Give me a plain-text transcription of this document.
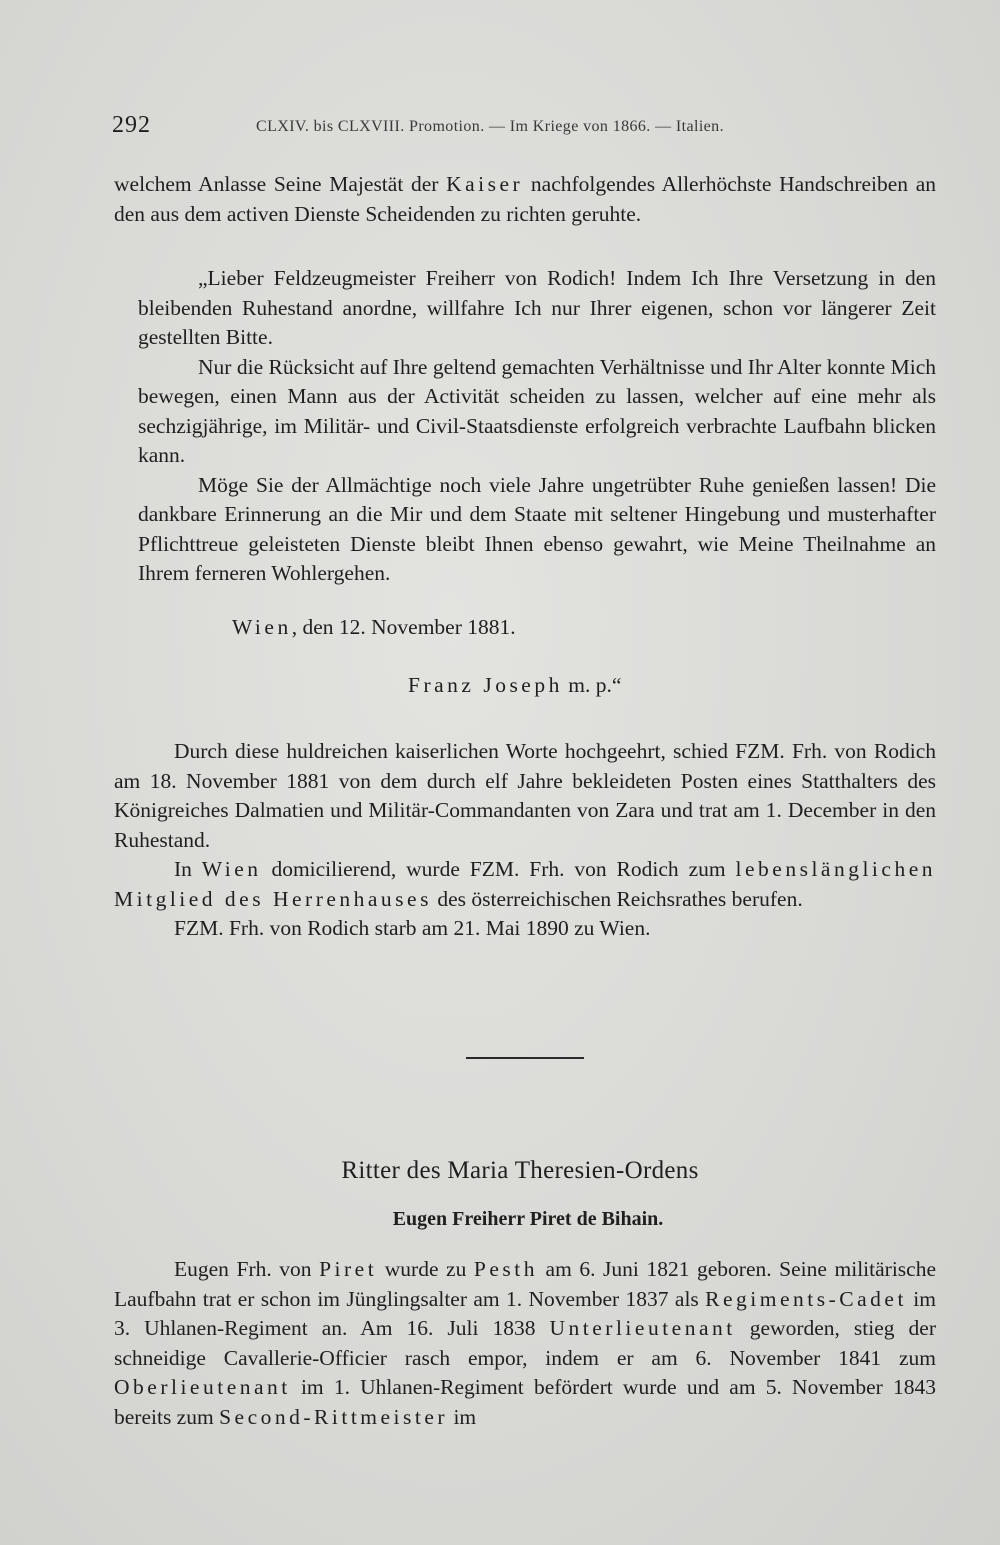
292	CLXIV. bis CLXVIII. Promotion. — Im Kriege von 1866. — Italien.

welchem Anlasse Seine Majestät der Kaiser nachfolgendes Allerhöchste Handschreiben an den aus dem activen Dienste Scheidenden zu richten geruhte.

„Lieber Feldzeugmeister Freiherr von Rodich! Indem Ich Ihre Versetzung in den bleibenden Ruhestand anordne, willfahre Ich nur Ihrer eigenen, schon vor längerer Zeit gestellten Bitte.

Nur die Rücksicht auf Ihre geltend gemachten Verhältnisse und Ihr Alter konnte Mich bewegen, einen Mann aus der Activität scheiden zu lassen, welcher auf eine mehr als sechzigjährige, im Militär- und Civil-Staatsdienste erfolgreich verbrachte Laufbahn blicken kann.

Möge Sie der Allmächtige noch viele Jahre ungetrübter Ruhe genießen lassen! Die dankbare Erinnerung an die Mir und dem Staate mit seltener Hingebung und musterhafter Pflichttreue geleisteten Dienste bleibt Ihnen ebenso gewahrt, wie Meine Theilnahme an Ihrem ferneren Wohlergehen.

Wien, den 12. November 1881.
Franz Joseph m. p.“

Durch diese huldreichen kaiserlichen Worte hochgeehrt, schied FZM. Frh. von Rodich am 18. November 1881 von dem durch elf Jahre bekleideten Posten eines Statthalters des Königreiches Dalmatien und Militär-Commandanten von Zara und trat am 1. December in den Ruhestand.

In Wien domicilierend, wurde FZM. Frh. von Rodich zum lebenslänglichen Mitglied des Herrenhauses des österreichischen Reichsrathes berufen.

FZM. Frh. von Rodich starb am 21. Mai 1890 zu Wien.

Ritter des Maria Theresien-Ordens
Eugen Freiherr Piret de Bihain.

Eugen Frh. von Piret wurde zu Pesth am 6. Juni 1821 geboren. Seine militärische Laufbahn trat er schon im Jünglingsalter am 1. November 1837 als Regiments-Cadet im 3. Uhlanen-Regiment an. Am 16. Juli 1838 Unterlieutenant geworden, stieg der schneidige Cavallerie-Officier rasch empor, indem er am 6. November 1841 zum Oberlieutenant im 1. Uhlanen-Regiment befördert wurde und am 5. November 1843 bereits zum Second-Rittmeister im
